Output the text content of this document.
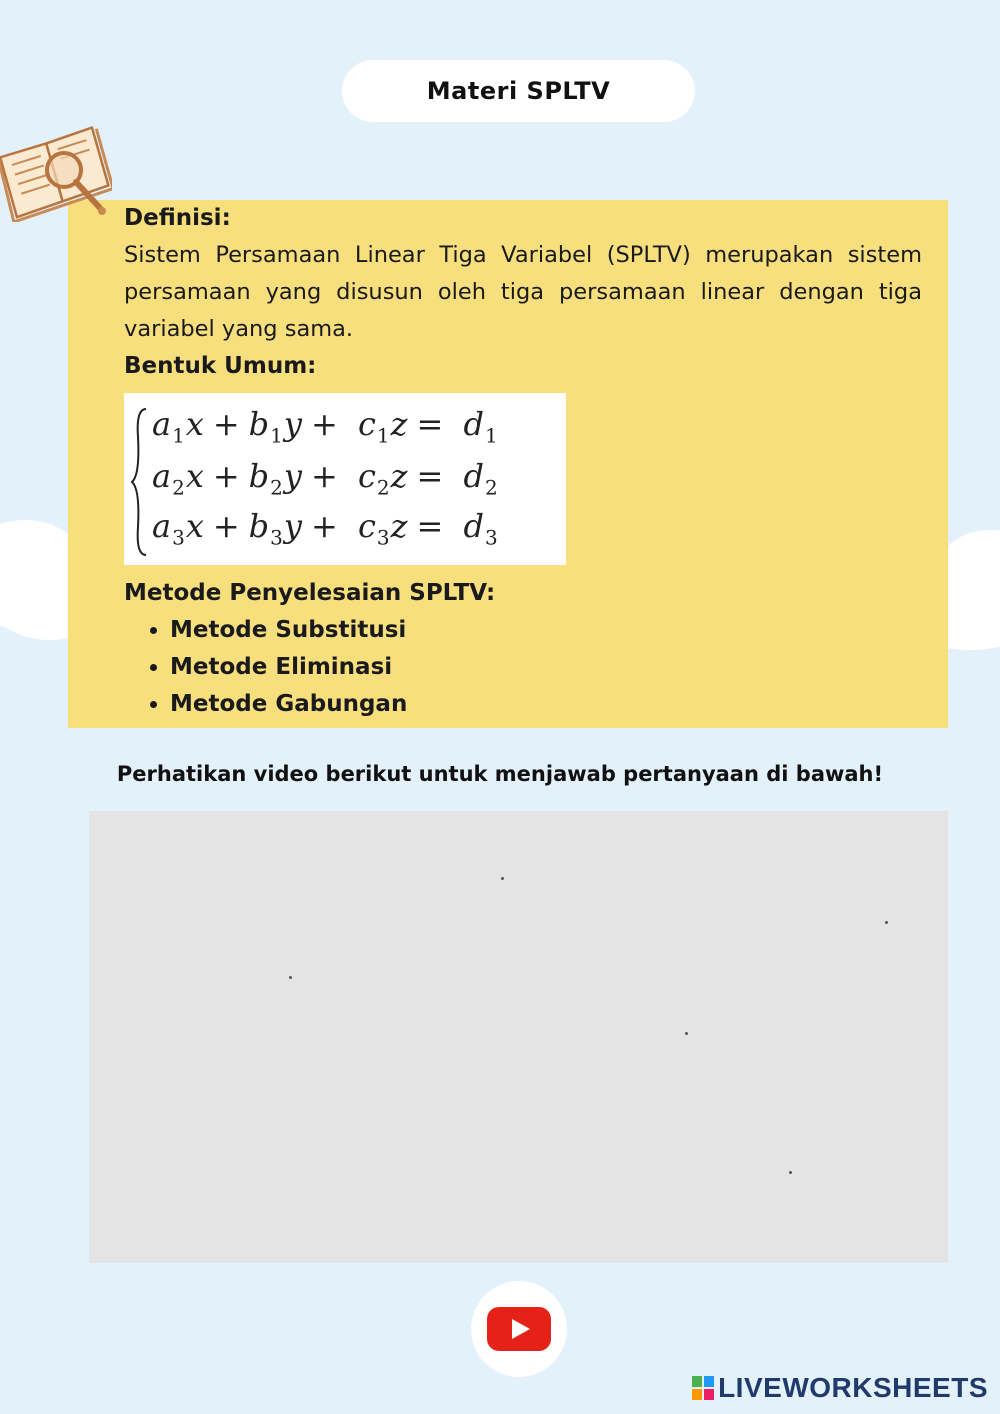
Materi SPLTV
Definisi:
Sistem Persamaan Linear Tiga Variabel (SPLTV) merupakan sistem persamaan yang disusun oleh tiga persamaan linear dengan tiga variabel yang sama.
Bentuk Umum:
$a_1x + b_1y + c_1z = d_1$
$a_2x + b_2y + c_2z = d_2$
$a_3x + b_3y + c_3z = d_3$
Metode Penyelesaian SPLTV:
• Metode Substitusi
• Metode Eliminasi
• Metode Gabungan
Perhatikan video berikut untuk menjawab pertanyaan di bawah!
LIVEWORKSHEETS
